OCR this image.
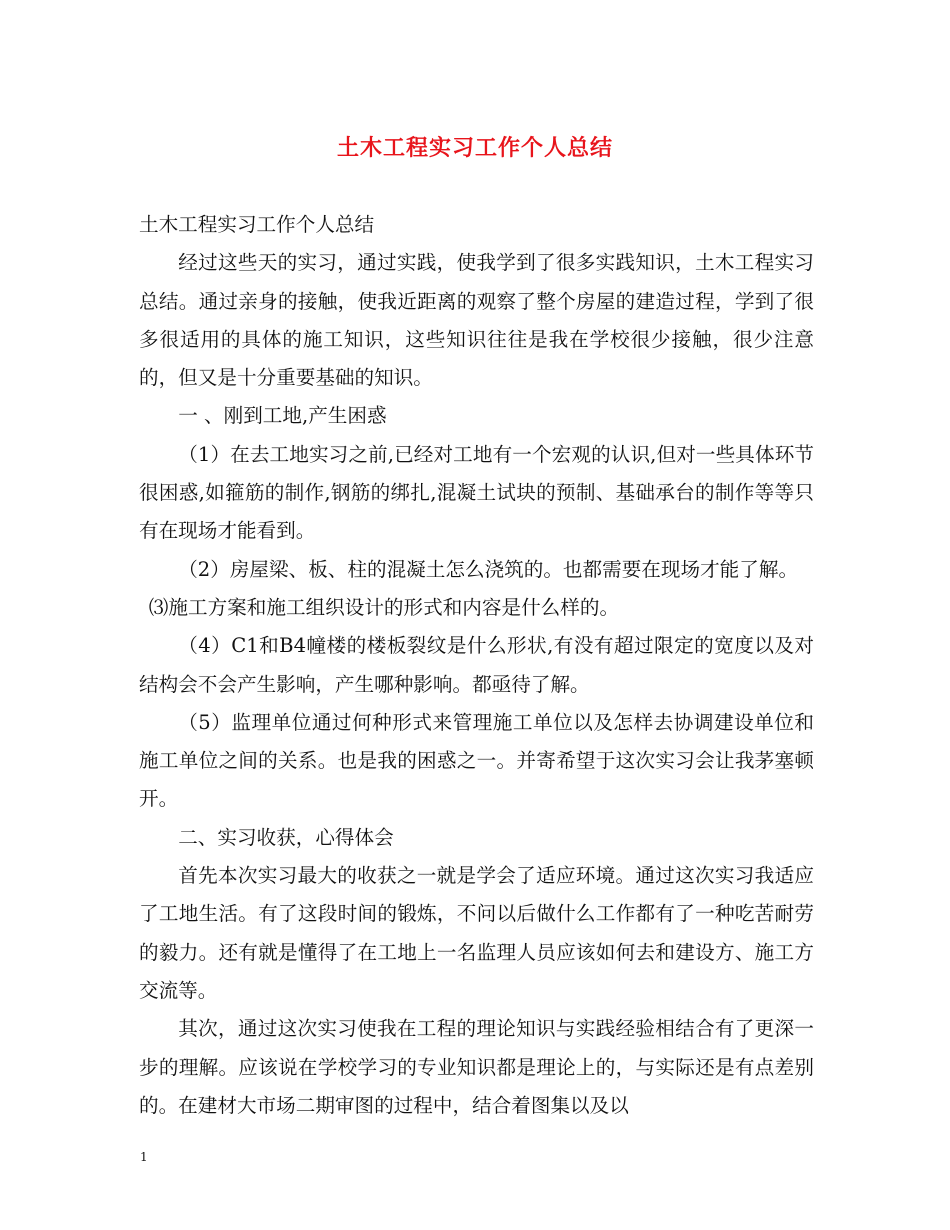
土木工程实习工作个人总结

土木工程实习工作个人总结

经过这些天的实习，通过实践，使我学到了很多实践知识，土木工程实习总结。通过亲身的接触，使我近距离的观察了整个房屋的建造过程，学到了很多很适用的具体的施工知识，这些知识往往是我在学校很少接触，很少注意的，但又是十分重要基础的知识。

一 、刚到工地,产生困惑

（1）在去工地实习之前,已经对工地有一个宏观的认识,但对一些具体环节很困惑,如箍筋的制作,钢筋的绑扎,混凝土试块的预制、基础承台的制作等等只有在现场才能看到。

（2）房屋梁、板、柱的混凝土怎么浇筑的。也都需要在现场才能了解。

⑶施工方案和施工组织设计的形式和内容是什么样的。

（4）C1和B4幢楼的楼板裂纹是什么形状,有没有超过限定的宽度以及对结构会不会产生影响，产生哪种影响。都亟待了解。

（5）监理单位通过何种形式来管理施工单位以及怎样去协调建设单位和施工单位之间的关系。也是我的困惑之一。并寄希望于这次实习会让我茅塞顿开。

二、实习收获，心得体会

首先本次实习最大的收获之一就是学会了适应环境。通过这次实习我适应了工地生活。有了这段时间的锻炼，不问以后做什么工作都有了一种吃苦耐劳的毅力。还有就是懂得了在工地上一名监理人员应该如何去和建设方、施工方交流等。

其次，通过这次实习使我在工程的理论知识与实践经验相结合有了更深一步的理解。应该说在学校学习的专业知识都是理论上的，与实际还是有点差别的。在建材大市场二期审图的过程中，结合着图集以及以

1
